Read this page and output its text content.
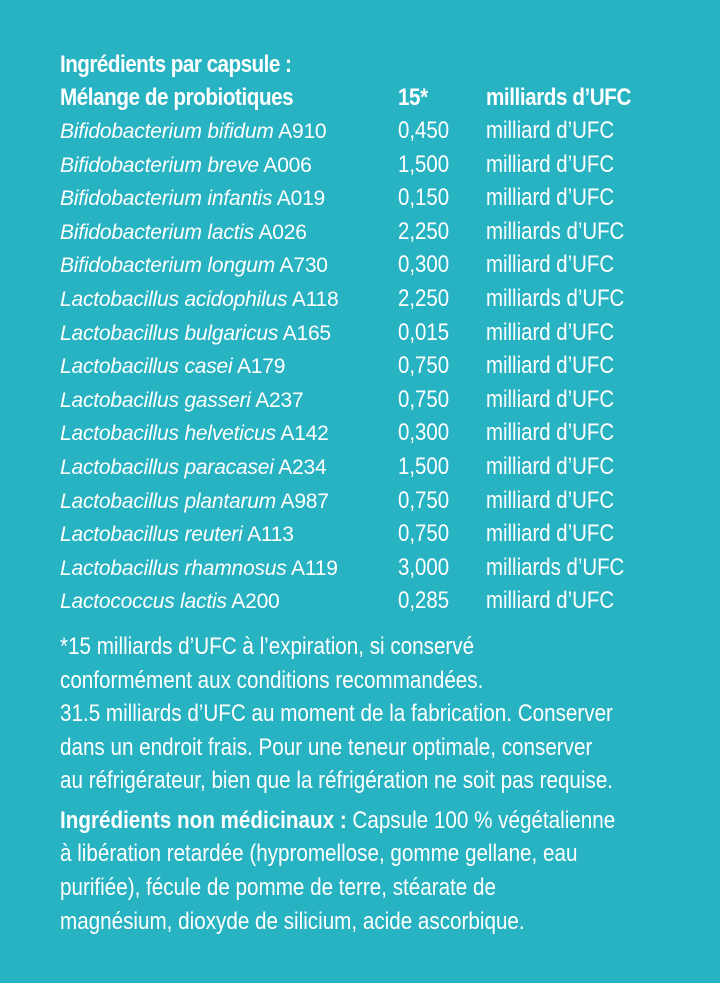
Ingrédients par capsule :
Mélange de probiotiques	15*	milliards d’UFC
Bifidobacterium bifidum A910	0,450	milliard d’UFC
Bifidobacterium breve A006	1,500	milliard d’UFC
Bifidobacterium infantis A019	0,150	milliard d’UFC
Bifidobacterium lactis A026	2,250	milliards d’UFC
Bifidobacterium longum A730	0,300	milliard d’UFC
Lactobacillus acidophilus A118	2,250	milliards d’UFC
Lactobacillus bulgaricus A165	0,015	milliard d’UFC
Lactobacillus casei A179	0,750	milliard d’UFC
Lactobacillus gasseri A237	0,750	milliard d’UFC
Lactobacillus helveticus A142	0,300	milliard d’UFC
Lactobacillus paracasei A234	1,500	milliard d’UFC
Lactobacillus plantarum A987	0,750	milliard d’UFC
Lactobacillus reuteri A113	0,750	milliard d’UFC
Lactobacillus rhamnosus A119	3,000	milliards d’UFC
Lactococcus lactis A200	0,285	milliard d’UFC
*15 milliards d’UFC à l’expiration, si conservé
conformément aux conditions recommandées.
31.5 milliards d’UFC au moment de la fabrication. Conserver
dans un endroit frais. Pour une teneur optimale, conserver
au réfrigérateur, bien que la réfrigération ne soit pas requise.
Ingrédients non médicinaux : Capsule 100 % végétalienne
à libération retardée (hypromellose, gomme gellane, eau
purifiée), fécule de pomme de terre, stéarate de
magnésium, dioxyde de silicium, acide ascorbique.
